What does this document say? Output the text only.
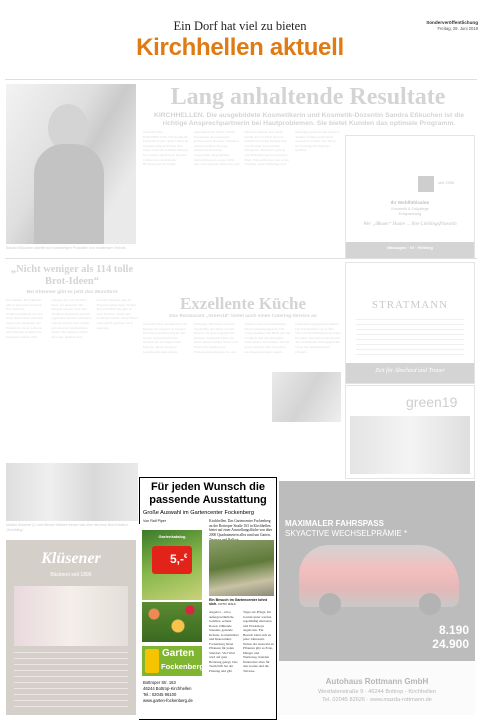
Ein Dorf hat viel zu bieten
Kirchhellen aktuell
Sonderveröffentlichung
Freitag, 29. Juni 2018
Sandra Eßkuchen arbeitet mit hochwertigen Produkten und modernster Technik.
Lang anhaltende Resultate
KIRCHHELLEN. Die ausgebildete Kosmetikerin und Kosmetik-Dozentin Sandra Eßkuchen ist die richtige Ansprechpartnerin bei Hautproblemen. Sie bietet Kunden das optimale Programm.
Von Ralf Piper. KIRCHHELLEN. Die Kosmetik-Dozentin ist seit vielen Jahren im Ortskern tätig und bietet eine breite Auswahl an Behandlungen für Gesicht und Körper. Kunden schätzen die individuelle Beratung und die ruhige Atmosphäre im Studio. Neben klassischen Anwendungen gehören auch moderne Verfahren zum Programm, die lang anhaltende Resultate versprechen. Regelmäßige Weiterbildungen sorgen dafür, dass stets aktuelle Methoden zum Einsatz kommen. Das Team nimmt sich viel Zeit für jede Kundin und jeden Kunden und erstellt einen persönlichen Pflegeplan. Besonders gefragt sind Behandlungen bei unreiner Haut, Pigmentflecken und ersten Fältchen. Auch Fußpflege und Massagen gehören zum Angebot. Termine können telefonisch vereinbart werden. Das Studio hat montags bis samstags geöffnet.
seit 1996
Ihr Wohlfühlsalon
Kosmetik & Fußpflege
Entspannung
Wer „ißkuen“ Haare ... Ihre Lieblingsfriseurin
Massagen · Ki · Hellweg
„Nicht weniger als 114 tolle Brot-Ideen“
Bei Klüsener gibt es jetzt das Wurstbrot
Kirchhellen. Bei Klüsener gibt es eine neue Kreation. Das Team der Traditionsbäckerei hat sich etwas Besonderes einfallen lassen und präsentiert das Wurstbrot, das ab sofort in allen Filialen erhältlich ist. Insgesamt stehen nicht weniger als 114 tolle Brot-Ideen zur Auswahl. Die Rezepte werden nach alter Tradition hergestellt und mit regionalen Zutaten verfeinert. Kunden können sich zudem auf saisonale Spezialitäten freuen. Der Meister erklärt, dass gute Qualität Zeit brauche. Deshalb ruht der Teig besonders lange. Neben Brot und Brötchen gibt es auch Kuchen, Torten und herzhafte Snacks. Die Filialen sind täglich geöffnet, auch sonntags.
Markus Klüsener (l.) und Werner Gebken freuen sich über die neue Brot-Kreation „Schuhfing“.
Exzellente Küche
Das Restaurant „Green19“ bietet auch einen Catering-Service an
Von Ralf Piper. Kirchhellen. Das Restaurant Green19 ist bekannt für seine exzellente Küche. Die Köche verwenden frische Zutaten aus der Region und kreieren daraus moderne Gerichte mit klassischem Einschlag. Die Karte wechselt regelmäßig und bietet sowohl Fleisch- als auch vegetarische Speisen. Zusätzlich bietet das Team einen Catering-Service für Feiern, Hochzeiten und Firmenveranstaltungen an. Auf Wunsch wird ein individuelles Menü zusammengestellt. Die Gäste genießen den Blick auf den Golfplatz und die entspannte Atmosphäre. Im Sommer lädt die große Terrasse zum Verweilen ein. Reservierungen werden telefonisch entgegengenommen. Der Küchenchef legt großen Wert auf Nachhaltigkeit und faire Produkte. Besonders beliebt sind die wechselnden Mittagsgerichte sowie die hausgemachten Desserts.
STRATMANN
Zeit für Abschied und Trauer
green19
Für jeden Wunsch die passende Ausstattung
Große Auswahl im Gartencenter Fockenberg
Von Ralf Piper
Gartenkatalog
5,- €
Garten
Fockenberg
Bottroper Str. 163
46244 Bottrop-Kirchhellen
Tel.: 02045 96100
www.garten-fockenberg.de
Kirchhellen. Das Gartencenter Fockenberg an der Bottroper Straße 163 in Kirchhellen bietet auf einer Ausstellungsfläche von über 2000 Quadratmetern alles rund um Garten,
Ein Besuch im Gartencenter lohnt sich. FOTO: RALF
Angebot – etwa außergewöhnliche Gehölze, seltene Rosen, blühende Stauden, gesunde Kräuter, Gartenmöbel und Dekoartikel. Fockenberg bietet Pflanzen für jeden Standort. Viel Wert wird auf gute Beratung gelegt. Das Team hilft bei der Planung und gibt Tipps zur Pflege. Im Gartencenter werden regelmäßig Aktionen und Workshops angeboten. Ein Besuch lohnt sich zu jeder Jahreszeit. Neben der Auswahl an Pflanzen gibt es Erde, Dünger und Werkzeug. Kunden finden hier alles für den Garten und die Terrasse.
Klüsener
Bäckerei seit 1896
MAXIMALER FAHRSPASS
SKYACTIVE WECHSELPRÄMIE *
8.190
24.900
Autohaus Rottmann GmbH
Westfalenstraße 9 · 46244 Bottrop - Kirchhellen
Tel. 02045 82626 · www.mazda-rottmann.de
